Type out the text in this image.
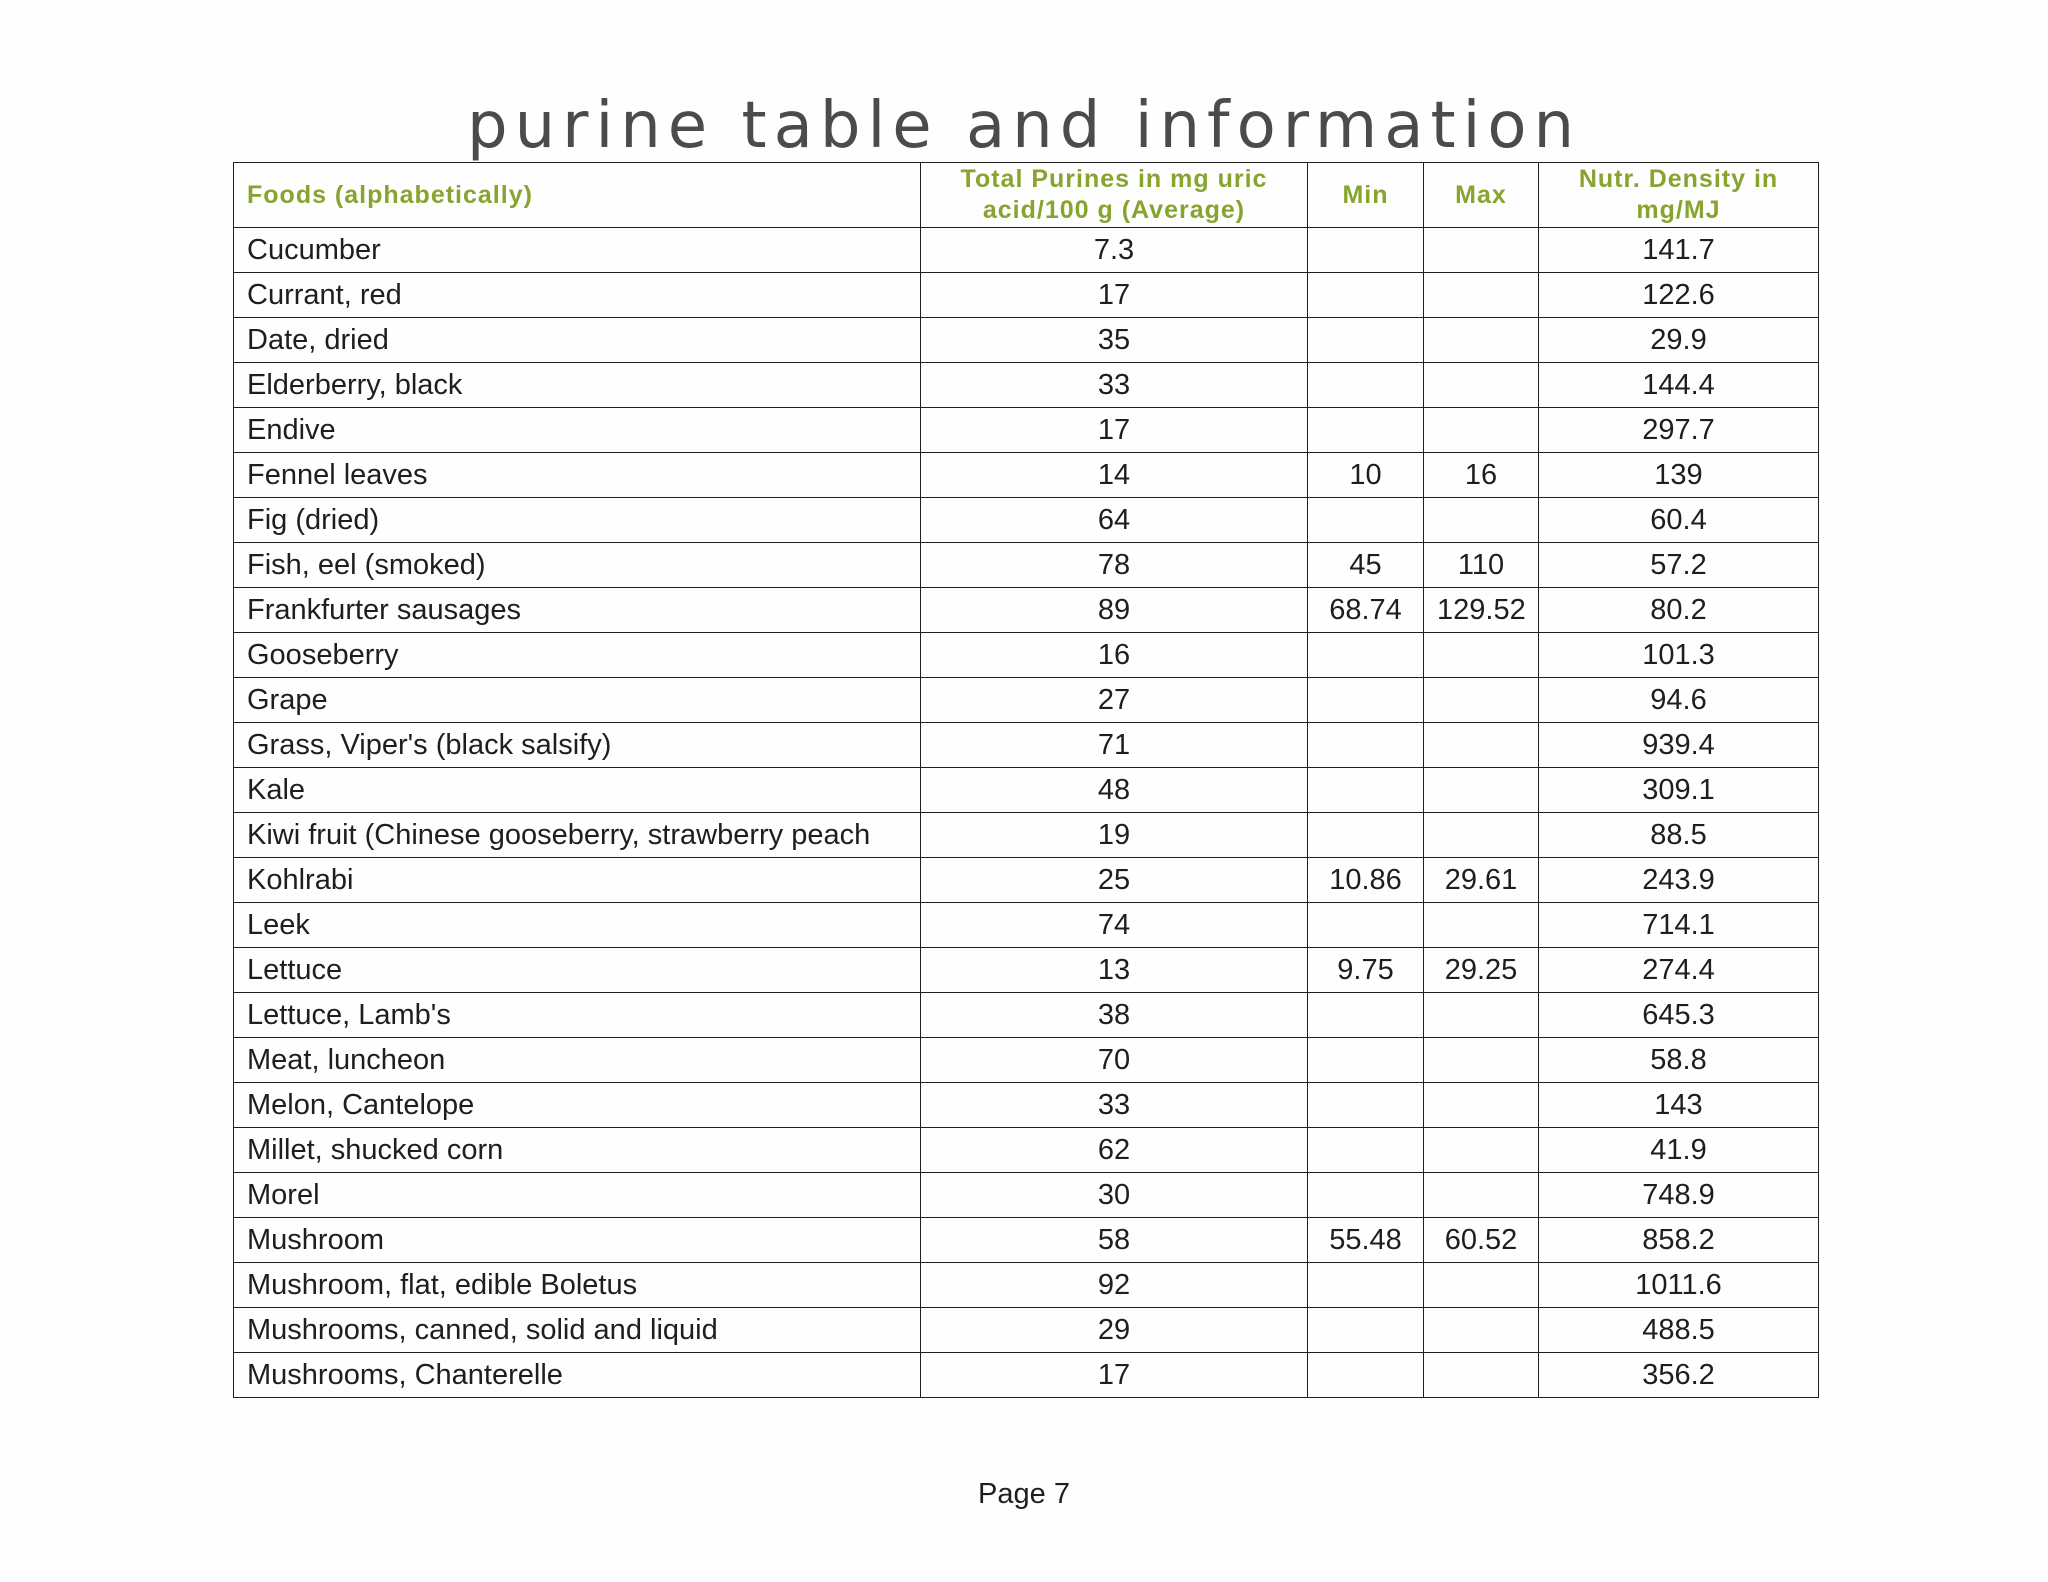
purine table and information
Foods (alphabetically)	Total Purines in mg uric acid/100 g (Average)	Min	Max	Nutr. Density in mg/MJ
Cucumber	7.3			141.7
Currant, red	17			122.6
Date, dried	35			29.9
Elderberry, black	33			144.4
Endive	17			297.7
Fennel leaves	14	10	16	139
Fig (dried)	64			60.4
Fish, eel (smoked)	78	45	110	57.2
Frankfurter sausages	89	68.74	129.52	80.2
Gooseberry	16			101.3
Grape	27			94.6
Grass, Viper's (black salsify)	71			939.4
Kale	48			309.1
Kiwi fruit (Chinese gooseberry, strawberry peach	19			88.5
Kohlrabi	25	10.86	29.61	243.9
Leek	74			714.1
Lettuce	13	9.75	29.25	274.4
Lettuce, Lamb's	38			645.3
Meat, luncheon	70			58.8
Melon, Cantelope	33			143
Millet, shucked corn	62			41.9
Morel	30			748.9
Mushroom	58	55.48	60.52	858.2
Mushroom, flat, edible Boletus	92			1011.6
Mushrooms, canned, solid and liquid	29			488.5
Mushrooms, Chanterelle	17			356.2
Page 7
